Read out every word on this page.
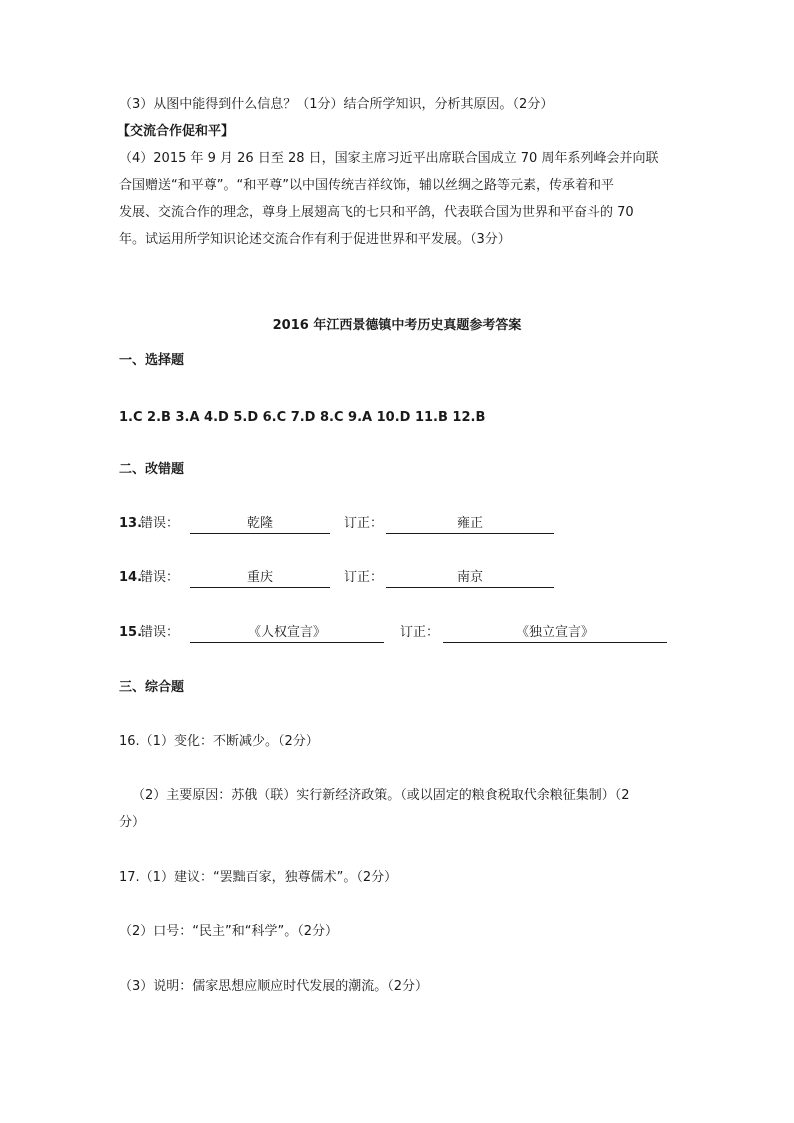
（3）从图中能得到什么信息？（1分）结合所学知识，分析其原因。（2分）
【交流合作促和平】
（4）2015 年 9 月 26 日至 28 日，国家主席习近平出席联合国成立 70 周年系列峰会并向联
合国赠送“和平尊”。“和平尊”以中国传统吉祥纹饰，辅以丝绸之路等元素，传承着和平
发展、交流合作的理念，尊身上展翅高飞的七只和平鸽，代表联合国为世界和平奋斗的 70
年。试运用所学知识论述交流合作有利于促进世界和平发展。（3分）
2016 年江西景德镇中考历史真题参考答案
一、选择题
1.C 2.B 3.A 4.D 5.D 6.C 7.D 8.C 9.A 10.D 11.B 12.B
二、改错题
13.
错误：	乾隆	订正：	雍正
14.
错误：	重庆	订正：	南京
15.
错误：	《人权宣言》	订正：	《独立宣言》
三、综合题
16.（1）变化：不断减少。（2分）
（2）主要原因：苏俄（联）实行新经济政策。（或以固定的粮食税取代余粮征集制）（2
分）
17.（1）建议：“罢黜百家，独尊儒术”。（2分）
（2）口号：“民主”和“科学”。（2分）
（3）说明：儒家思想应顺应时代发展的潮流。（2分）
